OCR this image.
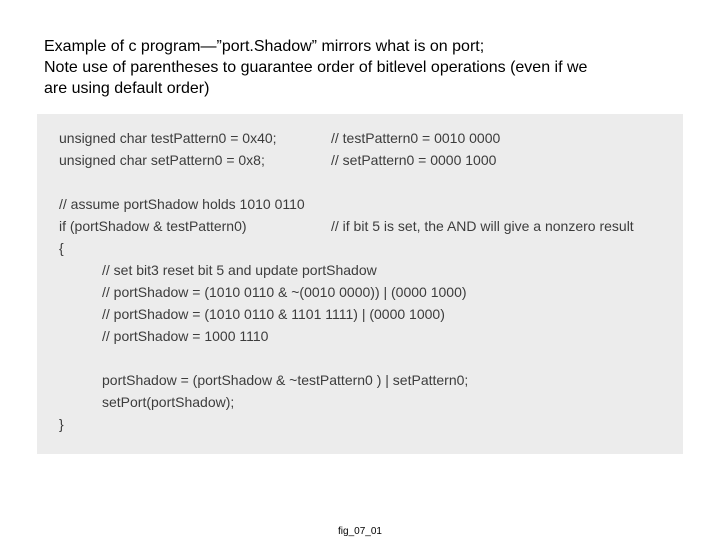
Example of c program—”port.Shadow” mirrors what is on port;
Note use of parentheses to guarantee order of bitlevel operations (even if we
are using default order)
unsigned char testPattern0 = 0x40;	// testPattern0 = 0010 0000
unsigned char setPattern0 = 0x8;	// setPattern0 = 0000 1000
// assume portShadow holds 1010 0110
if (portShadow & testPattern0)	// if bit 5 is set, the AND will give a nonzero result
{
// set bit3 reset bit 5 and update portShadow
// portShadow = (1010 0110 & ~(0010 0000)) | (0000 1000)
// portShadow = (1010 0110 & 1101 1111) | (0000 1000)
// portShadow = 1000 1110
portShadow = (portShadow & ~testPattern0 ) | setPattern0;
setPort(portShadow);
}
fig_07_01
